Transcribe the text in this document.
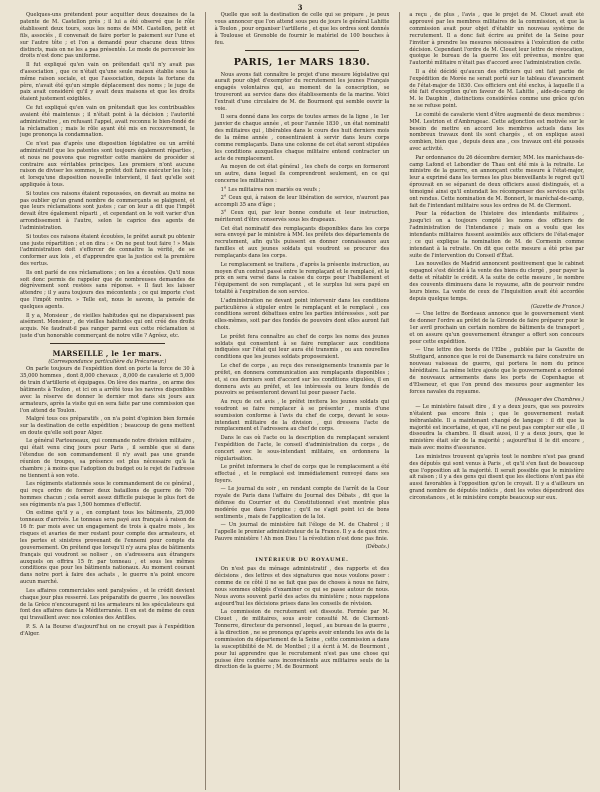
3

Quelques-uns prétendent pour acquitter deux douzaines de la patente de M. Castellon près ; il lui a été observé que le rôle établissent deux tours, sous les noms de MM. Castellon, petit et fils, associés , il convenait de faire porter le paiement sur l'une et sur l'autre tête ; et l'on a demandé pour chacune deux titres distincts, mais on ne les a pas présentés. Le mode de percevoir les droits n'est donc pas uniforme.

Il fut expliqué qu'en vain on prétendait qu'il n'y avait pas d'association , que ce n'était qu'une seule maison établie sous la même raison sociale, et que l'association, depuis la fortune du père, n'avait été qu'un simple déplacement des noms ; le juge de paix avait considéré qu'il y avait deux maisons et que les droits étaient justement exigibles.

Ce fut expliqué qu'en vain on prétendait que les contribuables avaient été maintenus ; il n'était point à la décision ; l'autorité administrative , en refusant l'appel, avait reconnu le bien-fondé de la réclamation ; mais le rôle ayant été mis en recouvrement, le juge prononça la condamnation.

Ce n'est pas d'après une disposition législative ou un arrêté administratif que les patentes sont toujours également réparties , et nous ne pouvons que regretter cette manière de procéder si contraire aux véritables principes. Les premiers n'ont aucune raison de diviser les sommes, le préfet doit faire exécuter les lois ; et lorsqu'une disposition nouvelle intervient, il faut qu'elle soit appliquée à tous.

Si toutes ces raisons étaient repoussées, on devrait au moins ne pas oublier qu'un grand nombre de commerçants se plaignent, et que leurs réclamations sont justes ; car on leur a dit que l'impôt devait être également réparti , et cependant on le voit varier d'un arrondissement à l'autre, selon le caprice des agents de l'administration.

Si toutes ces raisons étaient écoutées, le préfet aurait pu obtenir une juste répartition ; et on dira : « On ne peut tout faire ! » Mais l'administration doit s'efforcer de connaître la vérité, de se conformer aux lois , et d'apprendre que la justice est la première des vertus.

Ils ont parlé de ces réclamations ; on les a écoutées. Qu'il nous soit donc permis de rappeler que de nombreuses demandes de dégrèvement sont restées sans réponse. « Il faut les laisser attendre ; il y aura toujours des mécontents ; ce qui importe c'est que l'impôt rentre. » Telle est, nous le savons, la pensée de quelques agents.

Il y a, Monsieur , de vieilles habitudes qui ne disparaissent pas aisément. Monsieur , de vieilles habitudes qui ont créé des droits acquis. Ne faudrait-il pas ranger parmi eux cette réclamation si juste d'un honorable commerçant de notre ville ? Agréez, etc.

MARSEILLE , le 1er mars.
(Correspondance particulière du Précurseur.)

On parle toujours de l'expédition dont on porte la force de 30 à 35,000 hommes , dont 8,000 chevaux , 8,000 de cavalerie et 5,000 de train d'artillerie et équipages. On lève des marins , on arme des bâtiments à Toulon , et ici on a arrêté tous les navires disponibles avec la réserve de donner le dernier mot dans six jours aux armateurs, après la visite qui en sera faite par une commission que l'on attend de Toulon.

Malgré tous ces préparatifs , on n'a point d'opinion bien formée sur la destination de cette expédition ; beaucoup de gens mettent en doute qu'elle soit pour Alger.

Le général Partouneaux, qui commande notre division militaire , qui était venu cinq jours pour Paris , il semble que si dans l'étendue de son commandement il n'y avait pas une grande réunion de troupes, sa présence est plus nécessaire qu'à la chambre ; à moins que l'adoption du budget ou le rejet de l'adresse ne tiennent à son vote.

Les régiments stationnés sous le commandement de ce général , qui reçu ordre de former deux bataillons de guerre de 700 hommes chacun ; cela seroit assez difficile puisque le plus fort de ses régiments n'a pas 1,500 hommes d'effectif.

On estime qu'il y a , en comptant tous les bâtiments, 25,000 tonneaux d'arrivés. Le tonneau sera payé aux français à raison de 16 fr. par mois avec un engagement de trois à quatre mois , les risques et avaries de mer restant pour compte des armateurs, et les pertes et sinistres provenant de l'ennemi pour compte du gouvernement. On prétend que lorsqu'il n'y aura plus de bâtiments français qui voudront se noliser , on s'adressera aux étrangers auxquels on offrira 15 fr. par tonneau , et sous les mêmes conditions que pour les bâtiments nationaux. Au moment courant dans notre port à faire des achats , le guerre n'a point encore aucun marché.

Les affaires commerciales sont paralysées , et le crédit devient chaque jour plus resserré. Les préparatifs de guerre , les nouvelles de la Grèce n'encouragent ni les armateurs ni les spéculateurs qui font des affaires dans la Méditerranée. Il en est de même de ceux qui travaillent avec nos colonies des Antilles.

P. S. A la Bourse d'aujourd'hui on ne croyait pas à l'expédition d'Alger.

Quelle que soit la destination de celle qui se prépare , je peux vous annoncer que l'on attend sous peu de jours le général Lahitte à Toulon , pour organiser l'artillerie , et que les ordres sont donnés à Toulouse et Grenoble de fournir le matériel de 100 bouches à feu.

PARIS, 1er MARS 1830.

Nous avons fait connaître le projet d'une mesure législative qui aurait pour objet d'exempter du recrutement les jeunes Français engagés volontaires qui, au moment de la conscription, se trouveront au service dans des établissements de la marine. Voici l'extrait d'une circulaire de M. de Bourmont qui semble ouvrir la voie.

Il sera donné dans les corps de toutes armes de la ligne , le 1er janvier de chaque année , et pour l'année 1830 , un état nominatif des militaires qui , libérables dans le cours des huit derniers mois de la même année , consentiraient à servir dans leurs corps comme remplaçants. Dans une colonne de cet état seront stipulées les conditions auxquelles chaque militaire entend contracter un acte de remplacement.

Au moyen de cet état général , les chefs de corps en formeront un autre, dans lequel ils comprendront seulement, en ce qui concerne les militaires :

1° Les militaires non mariés ou veufs ;

2° Ceux qui, à raison de leur libération de service, n'auront pas accompli 35 ans d'âge ;

3° Ceux qui, par leur bonne conduite et leur instruction, mériteront d'être conservés sous les drapeaux.

Cet état nominatif des remplaçants disponibles dans les corps sera envoyé par le ministre à MM. les préfets des départements de recrutement, afin qu'ils puissent en donner connaissance aux familles et aux jeunes soldats qui voudront se procurer des remplaçants dans les corps.

Le remplacement se traitera , d'après la présente instruction, au moyen d'un contrat passé entre le remplaçant et le remplacé, et le prix en sera versé dans la caisse du corps pour l'habillement et l'équipement de son remplaçant , et le surplus lui sera payé en totalité à l'expiration de son service.

L'administration ne devant point intervenir dans les conditions particulières à stipuler entre le remplaçant et le remplacé , ces conditions seront débattues entre les parties intéressées , soit par elles-mêmes, soit par des fondés de pouvoirs dont elles auront fait choix.

Le préfet fera connaître au chef de corps les noms des jeunes soldats qui consentent à se faire remplacer aux conditions indiquées sur l'état qui leur aura été transmis , ou aux nouvelles conditions que les jeunes soldats proposeraient.

Le chef de corps , au reçu des renseignements transmis par le préfet, en donnera communication aux remplaçants disponibles ; et, si ces derniers sont d'accord sur les conditions stipulées, il en donnera avis au préfet, et les intéressés ou leurs fondés de pouvoirs se présenteront devant lui pour passer l'acte.

Au reçu de cet avis , le préfet invitera les jeunes soldats qui voudront se faire remplacer à se présenter , munis d'une soumission conforme à l'avis du chef de corps, devant le sous-intendant militaire de la division , qui dressera l'acte de remplacement et l'adressera au chef de corps.

Dans le cas où l'acte ou la description du remplaçant seraient l'expédition de l'acte, le conseil d'administration du corps , de concert avec le sous-intendant militaire, en ordonnera la régularisation.

Le préfet informera le chef de corps que le remplacement a été effectué , et le remplacé est immédiatement renvoyé dans ses foyers.

— Le journal du soir , en rendant compte de l'arrêt de la Cour royale de Paris dans l'affaire du Journal des Débats , dit que la défense du Courrier et du Constitutionnel s'est montrée plus modérée que dans l'origine ; qu'il ne s'agit point ici de bons sentiments , mais de l'application de la loi.

— Un journal de ministère fait l'éloge de M. de Chabrol ; il l'appelle le premier administrateur de la France. Il y a de quoi rire. Pauvre ministère ! Ah mon Dieu ! la révolution n'est donc pas finie.

(Débats.)
INTÉRIEUR DU ROYAUME.

On n'est pas du ménage administratif , des rapports et des décisions , des lettres et des signatures que nous voulons poser : comme de ce côté il ne se fait que pas de choses à nous ne faire, nous sommes obligés d'examiner ce qui se passe autour de nous. Nous avons souvent parlé des actes du ministère ; nous rappelons aujourd'hui les décisions prises dans les conseils de révision.

La commission de recrutement est dissoute. Formée par M. Clouet , de militaires, sous avoir consulté M. de Clermont-Tonnerre, directeur du personnel , lequel , au bureau de la guerre , à la direction , ne se prononça qu'après avoir entendu les avis de la commission du département de la Seine , cette commission a dans la susceptibilité de M. de Montbel ; il a écrit à M. de Bourmont , pour lui apprendre que le recrutement n'est pas une chose qui puisse être confiée sans inconvénients aux militaires seuls de la direction de la guerre ; M. de Bourmont

a reçu , de plus , l'avis , que le projet de M. Clouet avait été approuvé par les membres militaires de la commission, et que la commission avait pour objet d'établir un nouveau système de recrutement. Il a donc fait écrire au préfet de la Seine pour l'inviter à prendre les mesures nécessaires à l'exécution de cette décision. Cependant l'ordre de M. Clouet leur lettre de révocation, quoique le bureau de la guerre les eût prévenus, montre que l'autorité militaire n'était pas d'accord avec l'administration civile.

Il a été décidé qu'aucun des officiers qui ont fait partie de l'expédition de Morée ne serait porté sur le tableau d'avancement de l'état-major de 1830. Ces officiers ont été exclus, à laquelle il a été fait d'exception qu'en faveur de M. Lahitte , aide-de-camp de M. le Dauphin , distinctions considérées comme une grâce qu'on ne se refuse point.

Le comité de cavalerie vient d'être augmenté de deux membres : MM. Lestrion et d'Ambrugeac. Cette adjonction est motivée sur le besoin de mettre en accord les membres actuels dans les nombreux travaux dont ils sont chargés , et on explique aussi combien, bien que , depuis deux ans , ces travaux ont été poussés avec activité.

Par ordonnance du 26 décembre dernier, MM. les maréchaux-de-camp Lafond et Lebondier de Thau ont été mis à la retraite. Le ministre de la guerre, en annonçant cette mesure à l'état-major, leur a exprimé dans les termes les plus bienveillants le regret qu'il éprouvait en se séparant de deux officiers aussi distingués, et a témoigné ainsi qu'il entendait les récompenser des services qu'ils ont rendus. Cette nomination de M. Bonnert, le maréchal-de-camp, fait de l'intendant militaire sous les ordres de M. de Clermont.

Pour la rédaction de l'histoire des intendants militaires , jusqu'ici on a toujours compté les noms des officiers de l'administration de l'intendance ; mais on a voulu que les intendants militaires fussent assimilés aux officiers de l'état-major ; ce qui explique la nomination de M. de Cormenin comme intendant à la retraite. On dit que cette mesure a été prise par suite de l'intervention du Conseil d'État.

Les nouvelles de Madrid annoncent positivement que le cabinet espagnol s'est décidé à la vente des biens du clergé , pour payer la dette et rétablir le crédit. A la suite de cette mesure , le nombre des couvents diminuera dans le royaume, afin de pourvoir rendre leurs biens. La vente de ceux de l'Inquisition avait été accordée depuis quelque temps.

(Gazette de France.)

— Une lettre de Bordeaux annonce que le gouvernement vient de donner l'ordre au préfet de la Gironde de faire préparer pour le 1er avril prochain un certain nombre de bâtiments de transport , et on assure qu'un gouvernement étranger a offert son concours pour cette expédition.

— Une lettre des bords de l'Elbe , publiée par la Gazette de Stuttgard, annonce que le roi de Danemarck va faire construire un nouveau vaisseau de guerre, qui portera le nom du prince héréditaire. La même lettre ajoute que le gouvernement a ordonné de nouveaux armements dans les ports de Copenhague et d'Elseneur, et que l'on prend des mesures pour augmenter les forces navales du royaume.

(Messager des Chambres.)

— Le ministère faisait dire , il y a deux jours, que ses pouvoirs n'étaient pas encore finis ; que le gouvernement restait inébranlable. Il a maintenant changé de langage : il dit que la majorité est incertaine, et que, s'il ne peut pas compter sur elle , il dissoudra la chambre. Il disait aussi, il y a deux jours, que le ministère était sûr de la majorité ; aujourd'hui il le dit encore , mais avec moins d'assurance.

Les ministres trouvent qu'après tout le nombre n'est pas grand des députés qui sont venus à Paris , et qu'il s'en faut de beaucoup que l'opposition ait la majorité. Il serait possible que le ministère ait raison ; il y a des gens qui disent que les élections n'ont pas été aussi favorables à l'opposition qu'on le croyait. Il y a d'ailleurs un grand nombre de députés indécis , dont les votes dépendront des circonstances , et le ministère compte beaucoup sur eux.
